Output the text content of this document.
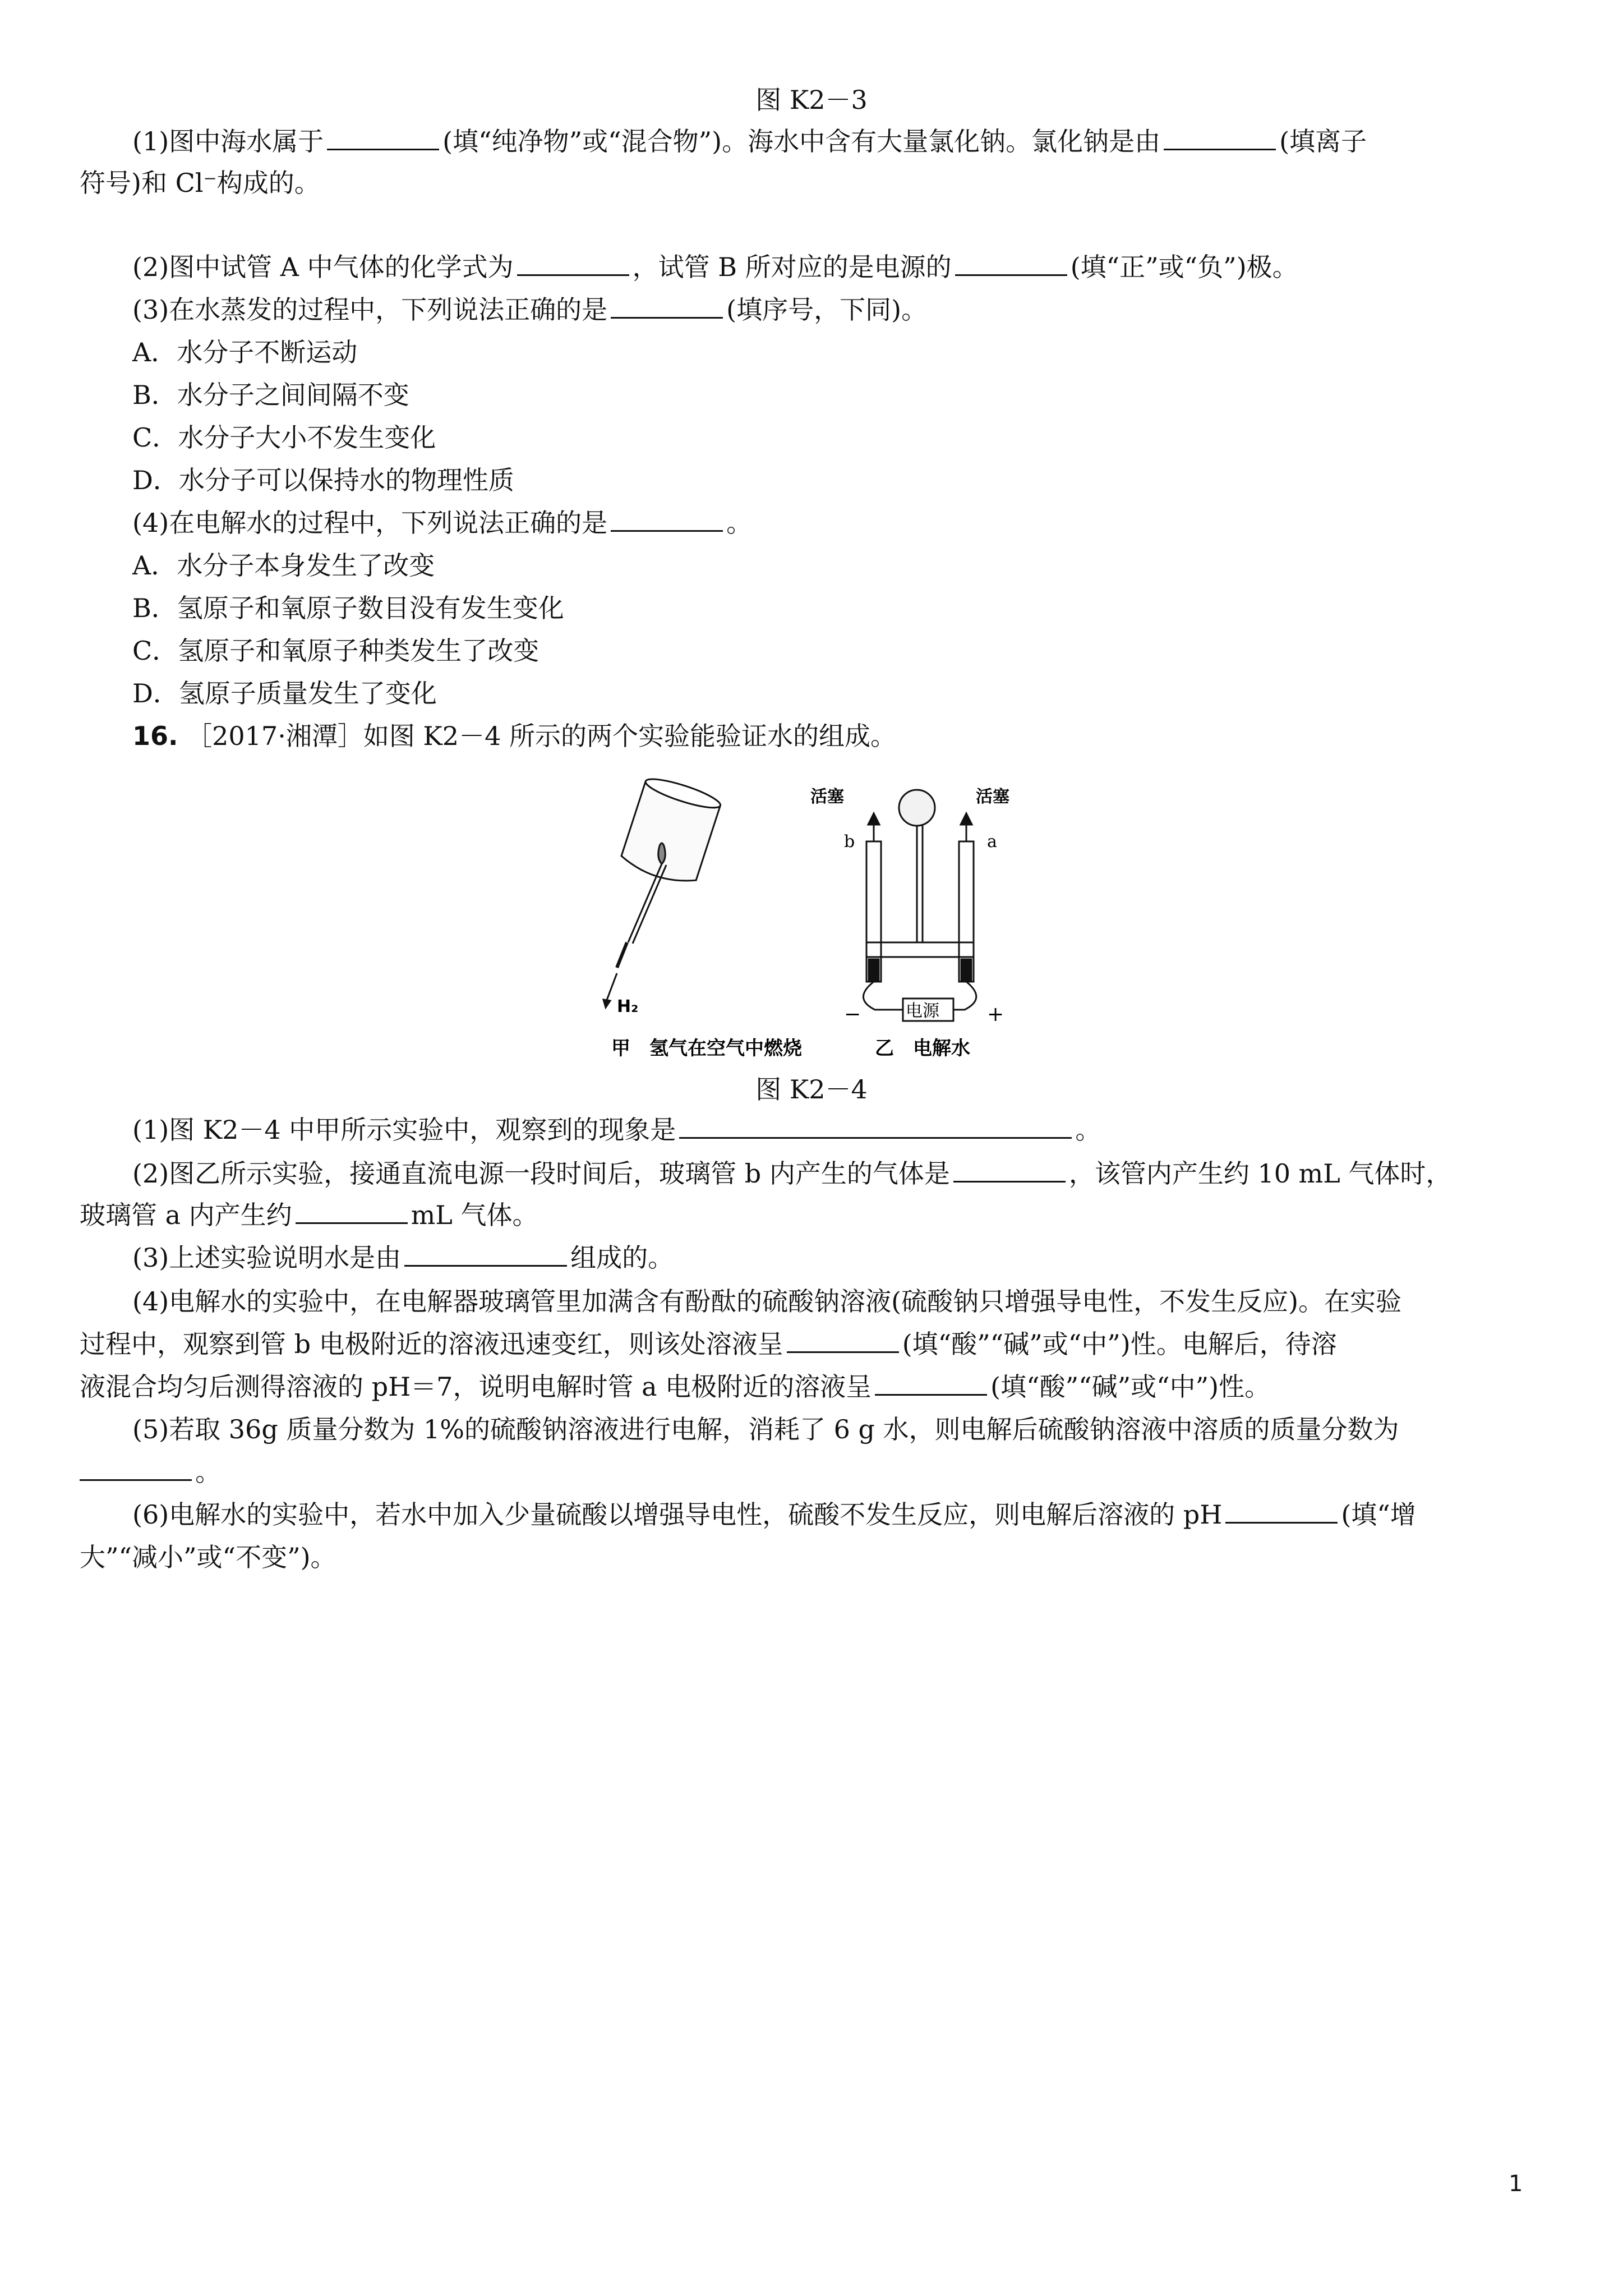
图 K2－3
(1)图中海水属于	(填“纯净物”或“混合物”)。海水中含有大量氯化钠。氯化钠是由	(填离子
符号)和 Cl⁻构成的。
(2)图中试管 A 中气体的化学式为	，试管 B 所对应的是电源的	(填“正”或“负”)极。
(3)在水蒸发的过程中，下列说法正确的是	(填序号，下同)。
A．水分子不断运动
B．水分子之间间隔不变
C．水分子大小不发生变化
D．水分子可以保持水的物理性质
(4)在电解水的过程中，下列说法正确的是	。
A．水分子本身发生了改变
B．氢原子和氧原子数目没有发生变化
C．氢原子和氧原子种类发生了改变
D．氢原子质量发生了变化
16. ［2017·湘潭］如图 K2－4 所示的两个实验能验证水的组成。
H₂	电源
−	+
活塞	活塞
b	a
甲　氢气在空气中燃烧	乙　电解水
图 K2－4
(1)图 K2－4 中甲所示实验中，观察到的现象是	。
(2)图乙所示实验，接通直流电源一段时间后，玻璃管 b 内产生的气体是	，该管内产生约 10 mL 气体时，
玻璃管 a 内产生约	mL 气体。
(3)上述实验说明水是由	组成的。
(4)电解水的实验中，在电解器玻璃管里加满含有酚酞的硫酸钠溶液(硫酸钠只增强导电性，不发生反应)。在实验
过程中，观察到管 b 电极附近的溶液迅速变红，则该处溶液呈	(填“酸”“碱”或“中”)性。电解后，待溶
液混合均匀后测得溶液的 pH＝7，说明电解时管 a 电极附近的溶液呈	(填“酸”“碱”或“中”)性。
(5)若取 36g 质量分数为 1%的硫酸钠溶液进行电解，消耗了 6 g 水，则电解后硫酸钠溶液中溶质的质量分数为
。
(6)电解水的实验中，若水中加入少量硫酸以增强导电性，硫酸不发生反应，则电解后溶液的 pH	(填“增
大”“减小”或“不变”)。
1
